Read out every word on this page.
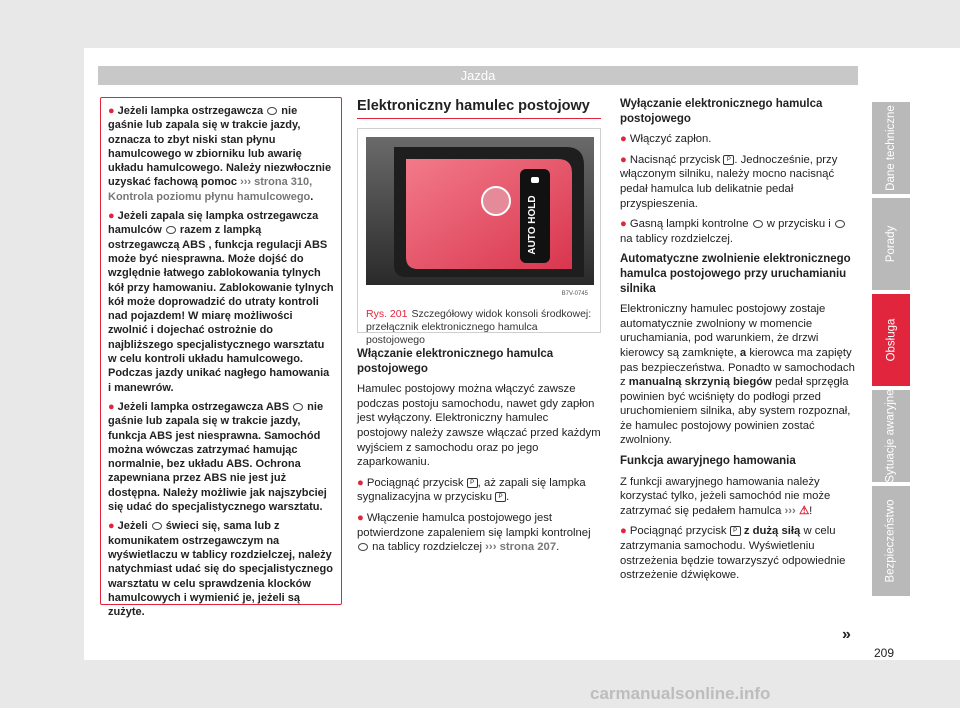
Jazda
Dane techniczne
Porady
Obsługa
Sytuacje awaryjne
Bezpieczeństwo

● Jeżeli lampka ostrzegawcza nie gaśnie lub zapala się w trakcie jazdy, oznacza to zbyt niski stan płynu hamulcowego w zbiorniku lub awarię układu hamulcowego. Należy niezwłocznie uzyskać fachową pomoc ››› strona 310, Kontrola poziomu płynu hamulcowego.

● Jeżeli zapala się lampka ostrzegawcza hamulców razem z lampką ostrzegawczą ABS , funkcja regulacji ABS może być niesprawna. Może dojść do względnie łatwego zablokowania tylnych kół przy hamowaniu. Zablokowanie tylnych kół może doprowadzić do utraty kontroli nad pojazdem! W miarę możliwości zwolnić i dojechać ostrożnie do najbliższego specjalistycznego warsztatu w celu kontroli układu hamulcowego. Podczas jazdy unikać nagłego hamowania i manewrów.

● Jeżeli lampka ostrzegawcza ABS nie gaśnie lub zapala się w trakcie jazdy, funkcja ABS jest niesprawna. Samochód można wówczas zatrzymać hamując normalnie, bez układu ABS. Ochrona zapewniana przez ABS nie jest już dostępna. Należy możliwie jak najszybciej się udać do specjalistycznego warsztatu.

● Jeżeli świeci się, sama lub z komunikatem ostrzegawczym na wyświetlaczu w tablicy rozdzielczej, należy natychmiast udać się do specjalistycznego warsztatu w celu sprawdzenia klocków hamulcowych i wymienić je, jeżeli są zużyte.

Elektroniczny hamulec postojowy
AUTO HOLD
B7V-0745
Rys. 201 Szczegółowy widok konsoli środkowej: przełącznik elektronicznego hamulca postojowego
Włączanie elektronicznego hamulca postojowego

Hamulec postojowy można włączyć zawsze podczas postoju samochodu, nawet gdy zapłon jest wyłączony. Elektroniczny hamulec postojowy należy zawsze włączać przed każdym wyjściem z samochodu oraz po jego zaparkowaniu.

● Pociągnąć przycisk P , aż zapali się lampka sygnalizacyjna w przycisku P .

● Włączenie hamulca postojowego jest potwierdzone zapaleniem się lampki kontrolnej  na tablicy rozdzielczej ››› strona 207.

Wyłączanie elektronicznego hamulca postojowego

● Włączyć zapłon.

● Nacisnąć przycisk P . Jednocześnie, przy włączonym silniku, należy mocno nacisnąć pedał hamulca lub delikatnie pedał przyspieszenia.

● Gasną lampki kontrolne w przycisku i  na tablicy rozdzielczej.

Automatyczne zwolnienie elektronicznego hamulca postojowego przy uruchamianiu silnika

Elektroniczny hamulec postojowy zostaje automatycznie zwolniony w momencie uruchamiania, pod warunkiem, że drzwi kierowcy są zamknięte, a kierowca ma zapięty pas bezpieczeństwa. Ponadto w samochodach z manualną skrzynią biegów pedał sprzęgła powinien być wciśnięty do podłogi przed uruchomieniem silnika, aby system rozpoznał, że hamulec postojowy powinien zostać zwolniony.

Funkcja awaryjnego hamowania

Z funkcji awaryjnego hamowania należy korzystać tylko, jeżeli samochód nie może zatrzymać się pedałem hamulca ››› ⚠!

● Pociągnąć przycisk P z dużą siłą w celu zatrzymania samochodu. Wyświetleniu ostrzeżenia będzie towarzyszyć odpowiednie ostrzeżenie dźwiękowe.

»
209
carmanualsonline.info
